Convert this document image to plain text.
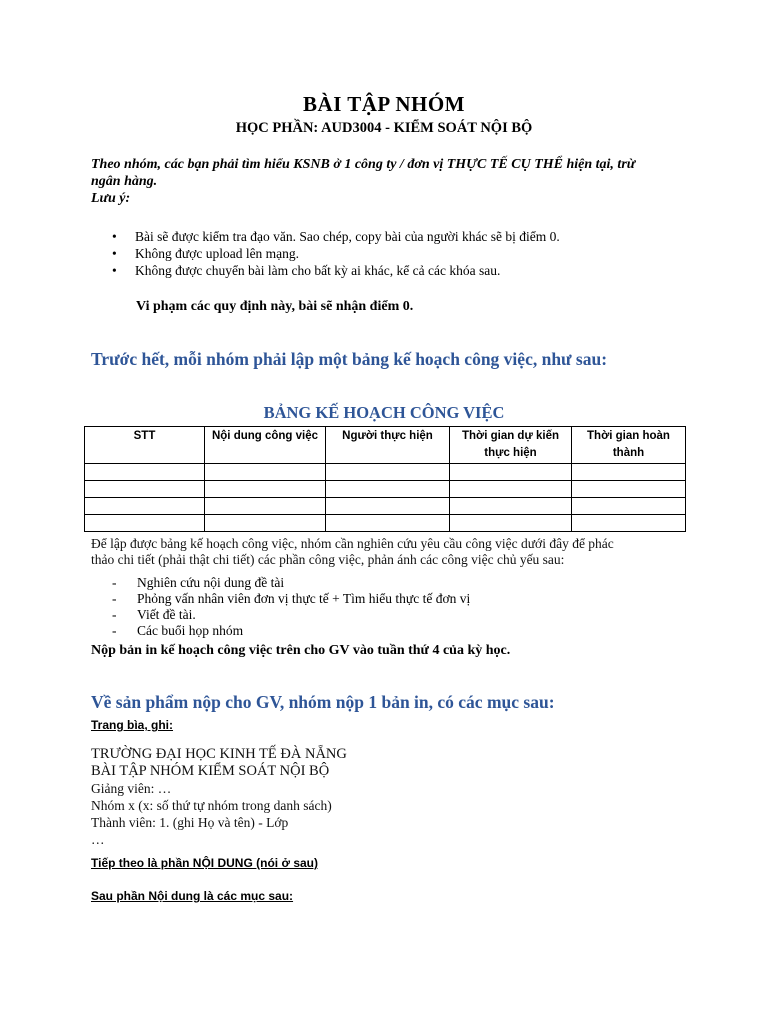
BÀI TẬP NHÓM
HỌC PHẦN: AUD3004 - KIỂM SOÁT NỘI BỘ
Theo nhóm, các bạn phải tìm hiểu KSNB ở 1 công ty / đơn vị THỰC TẾ CỤ THỂ hiện tại, trừ
ngân hàng.
Lưu ý:
• Bài sẽ được kiểm tra đạo văn. Sao chép, copy bài của người khác sẽ bị điểm 0.
• Không được upload lên mạng.
• Không được chuyển bài làm cho bất kỳ ai khác, kể cả các khóa sau.
Vi phạm các quy định này, bài sẽ nhận điểm 0.
Trước hết, mỗi nhóm phải lập một bảng kế hoạch công việc, như sau:
BẢNG KẾ HOẠCH CÔNG VIỆC
STT	Nội dung công việc	Người thực hiện	Thời gian dự kiến thực hiện	Thời gian hoàn thành

Để lập được bảng kế hoạch công việc, nhóm cần nghiên cứu yêu cầu công việc dưới đây để phác
thảo chi tiết (phải thật chi tiết) các phần công việc, phản ánh các công việc chủ yếu sau:
- Nghiên cứu nội dung đề tài
- Phỏng vấn nhân viên đơn vị thực tế + Tìm hiểu thực tế đơn vị
- Viết đề tài.
- Các buổi họp nhóm
Nộp bản in kế hoạch công việc trên cho GV vào tuần thứ 4 của kỳ học.
Về sản phẩm nộp cho GV, nhóm nộp 1 bản in, có các mục sau:
Trang bìa, ghi:
TRƯỜNG ĐẠI HỌC KINH TẾ ĐÀ NẴNG
BÀI TẬP NHÓM KIỂM SOÁT NỘI BỘ
Giảng viên: …
Nhóm x (x: số thứ tự nhóm trong danh sách)
Thành viên: 1. (ghi Họ và tên) - Lớp
…
Tiếp theo là phần NỘI DUNG (nói ở sau)
Sau phần Nội dung là các mục sau:
